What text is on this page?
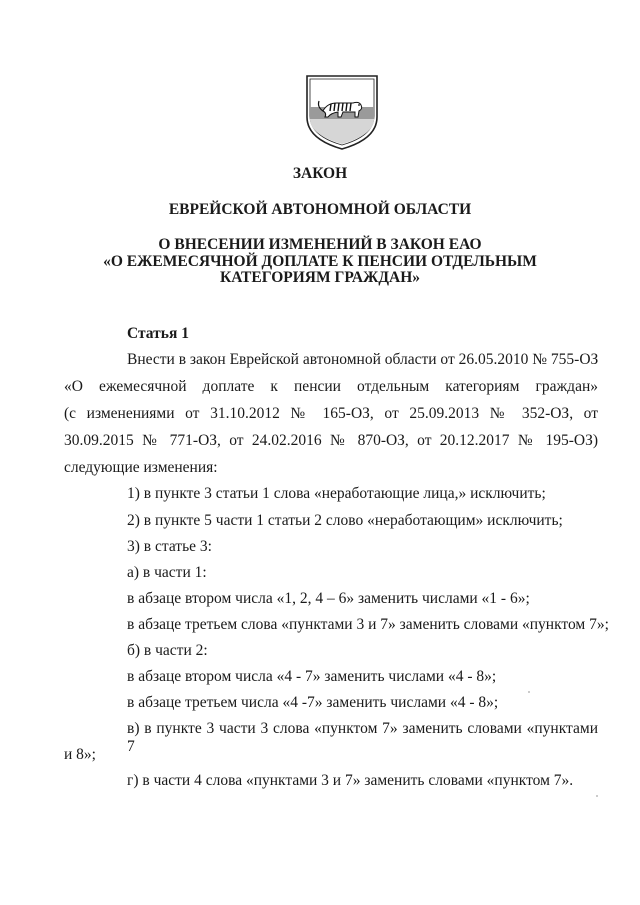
ЗАКОН
ЕВРЕЙСКОЙ АВТОНОМНОЙ ОБЛАСТИ
О ВНЕСЕНИИ ИЗМЕНЕНИЙ В ЗАКОН ЕАО
«О ЕЖЕМЕСЯЧНОЙ ДОПЛАТЕ К ПЕНСИИ ОТДЕЛЬНЫМ
КАТЕГОРИЯМ ГРАЖДАН»
Статья 1
Внести в закон Еврейской автономной области от 26.05.2010 № 755-ОЗ
«О ежемесячной доплате к пенсии отдельным категориям граждан»
(с изменениями от 31.10.2012 № 165-ОЗ, от 25.09.2013 № 352-ОЗ, от
30.09.2015 № 771-ОЗ, от 24.02.2016 № 870-ОЗ, от 20.12.2017 № 195-ОЗ)
следующие изменения:
1) в пункте 3 статьи 1 слова «неработающие лица,» исключить;
2) в пункте 5 части 1 статьи 2 слово «неработающим» исключить;
3) в статье 3:
а) в части 1:
в абзаце втором числа «1, 2, 4 – 6» заменить числами «1 - 6»;
в абзаце третьем слова «пунктами 3 и 7» заменить словами «пунктом 7»;
б) в части 2:
в абзаце втором числа «4 - 7» заменить числами «4 - 8»;
в абзаце третьем числа «4 -7» заменить числами «4 - 8»;
в) в пункте 3 части 3 слова «пунктом 7» заменить словами «пунктами 7
и 8»;
г) в части 4 слова «пунктами 3 и 7» заменить словами «пунктом 7».
